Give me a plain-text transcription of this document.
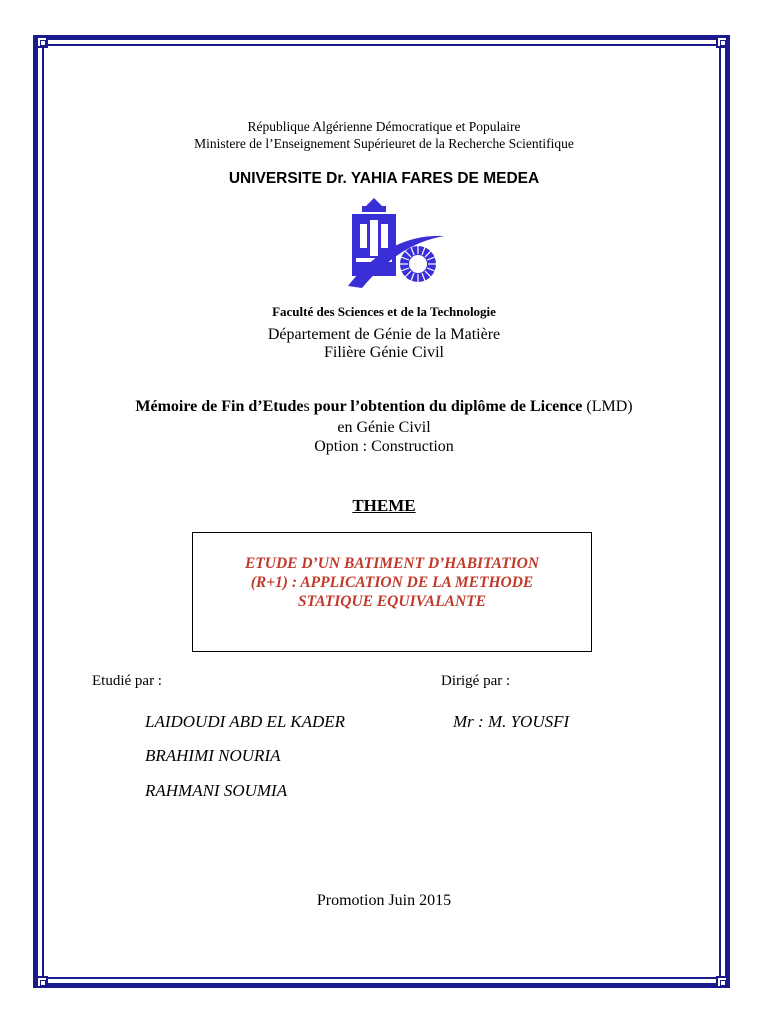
République Algérienne Démocratique et Populaire
Ministere de l’Enseignement Supérieuret de la Recherche Scientifique
UNIVERSITE Dr. YAHIA FARES DE MEDEA
Faculté des Sciences et de la Technologie
Département de Génie de la Matière
Filière Génie Civil
Mémoire de Fin d’Etudes pour l’obtention du diplôme de Licence (LMD)
en Génie Civil
Option : Construction
THEME
ETUDE D’UN BATIMENT D’HABITATION
(R+1) : APPLICATION DE LA METHODE
STATIQUE EQUIVALANTE
Etudié par :	Dirigé par :
LAIDOUDI ABD EL KADER
BRAHIMI NOURIA
RAHMANI SOUMIA
Mr : M. YOUSFI
Promotion Juin 2015
